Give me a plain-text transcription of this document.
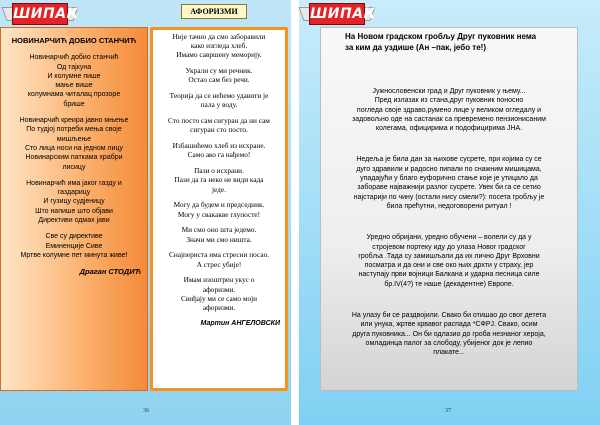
ШИПАК	АФОРИЗМИ
НОВИНАРЧИЋ ДОБИО СТАНЧИЋ
Новинарчић добио станчић
Од тајкуна
И колумне пише
мање више
колумнама читалац прозоре
брише
Новинарчић креира јавно мњење
По тудјој потреби мења своје
мишљење
Сто лица носи на једном лицу
Новинарским паткама храбри
лисицу
Новинарчић има јаког газду и
газдарицу
И гузицу судјеницу
Што напише што објави
Директиви одмах јави
Све су директиве
Еминенције Сиве
Мртве колумне пет минута живе!
Драган СТОДИЋ
Није тачно да смо заборавили
како изгледа хлеб.
Имамо савршену меморију.
Украли су ми речник.
Остао сам без речи.
Теорија да се нећемо удавити је
пала у воду.
Сто посто сам сигуран да ни сам
сигуран сто посто.
Избашићемо хлеб из исхране.
Само ако га нађемо!
Пази о исхрани.
Пази да га неко не види када
једе.
Могу да будем и председник.
Могу у свакакве глупосте!
Ми смо оно шта једемо.
Значи ми смо ништа.
Снајпериста има стресни посао.
А стрес убије!
Имам изоштрен укус о
афоризми.
Свиђају ми се само моји
афоризми.
Мартин АНГЕЛОВСКИ
36
ШИПАК
На Новом градском гробљу Друг пуковник нема
за ким да уздише (Ан –пак, јебо те!)
Јужнословенски град и Друг пуковник у њему...
Пред излазак из стана,друг пуковник поносно
погледа своје здраво,румено лице у великом огледалу и
задовољно оде на састанак са превремено пензионисаним
колегама, официрима и подофицирима ЈНА.
Недеља је била дан за њихове сусрете, при којима су се
дуго здравили и радосно пипали по снажним мишицама,
упадајући у благо еуфорично стање које је утицало да
забораве најважнији разлог сусрете. Увек би га се сетио
најстарији по чину (остали нису смели?): посета гробљу је
била прећутни, недоговорени ритуал !
Уредно обријани, уредно обучени – волели су да у
стројевом портеку иду до улаза Новог градског
гробља .Тада су замишљали да их лично Друг Врховни
посматра и да они и све око њих дрхти у страху, јер
наступају први војници Балкана и ударна песница силе
бр.IV(4?) те наше (декадентне) Европе.
На улазу би се раздвојили. Свако би отишао до свог детета
или унука, жртве крвавог распада *СФРЈ. Свако, осим
друга пуковника... Он би одлазио до гроба незнаног хероја,
омладинца палог за слободу, убијеног док је лепио
плакате...
37
